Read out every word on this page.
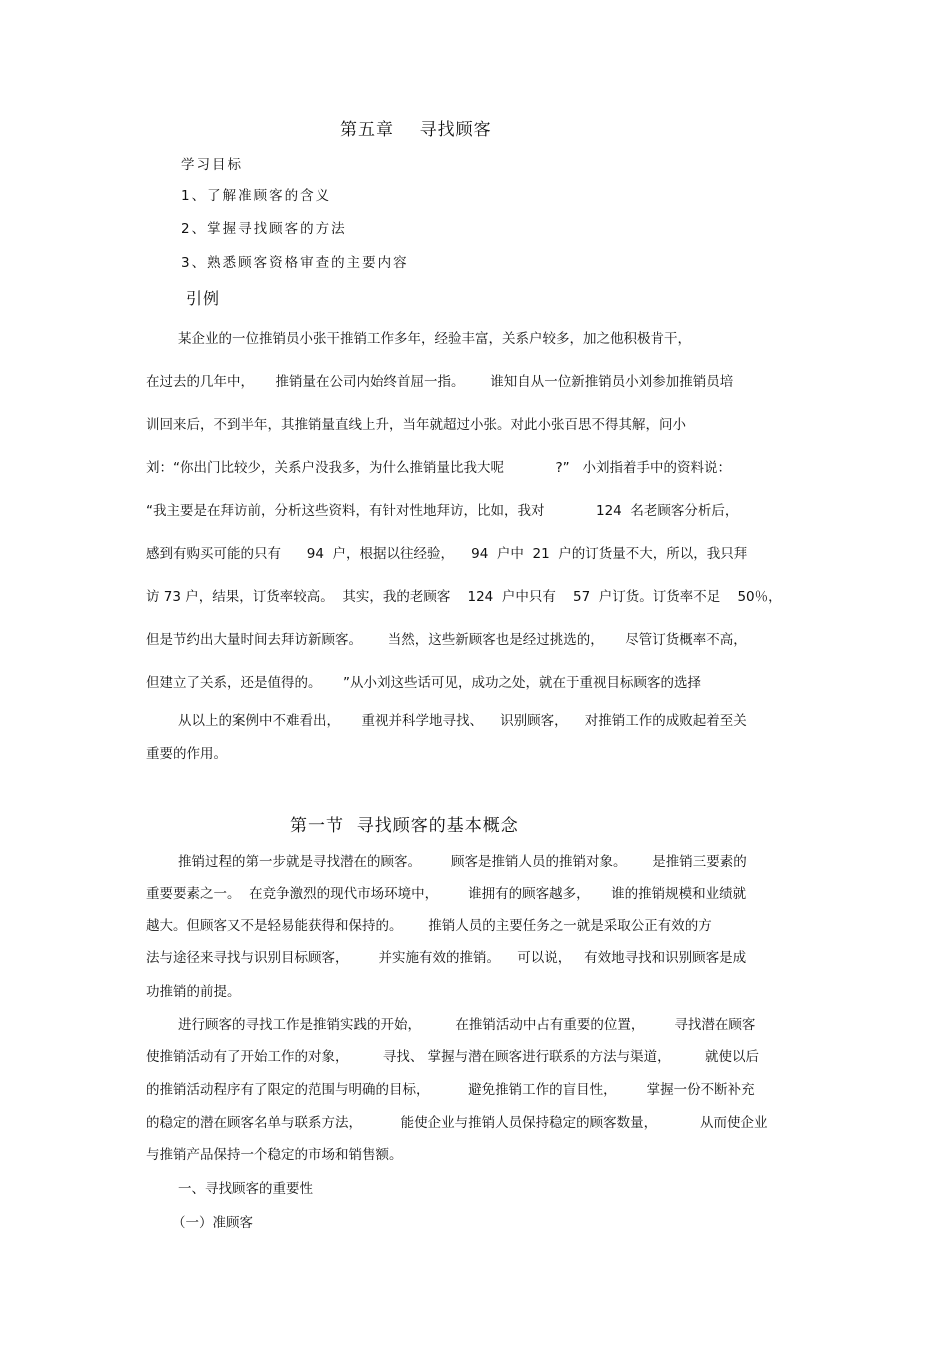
第五章    寻找顾客
学习目标
1、了解准顾客的含义
2、掌握寻找顾客的方法
3、熟悉顾客资格审查的主要内容
引例
某企业的一位推销员小张干推销工作多年，经验丰富，关系户较多，加之他积极肯干，
在过去的几年中，     推销量在公司内始终首屈一指。      谁知自从一位新推销员小刘参加推销员培
训回来后，不到半年，其推销量直线上升，当年就超过小张。对此小张百思不得其解，问小
刘：“你出门比较少，关系户没我多，为什么推销量比我大呢            ?”   小刘指着手中的资料说：
“我主要是在拜访前，分析这些资料，有针对性地拜访，比如，我对            124  名老顾客分析后，
感到有购买可能的只有      94  户，根据以往经验，    94  户中  21  户的订货量不大，所以，我只拜
访 73 户，结果，订货率较高。  其实，我的老顾客    124  户中只有    57  户订货。订货率不足    50％，
但是节约出大量时间去拜访新顾客。      当然，这些新顾客也是经过挑选的，     尽管订货概率不高，
但建立了关系，还是值得的。     ”从小刘这些话可见，成功之处，就在于重视目标顾客的选择
从以上的案例中不难看出，     重视并科学地寻找、    识别顾客，    对推销工作的成败起着至关
重要的作用。
第一节  寻找顾客的基本概念
推销过程的第一步就是寻找潜在的顾客。       顾客是推销人员的推销对象。      是推销三要素的
重要要素之一。  在竞争激烈的现代市场环境中，       谁拥有的顾客越多，     谁的推销规模和业绩就
越大。但顾客又不是轻易能获得和保持的。      推销人员的主要任务之一就是采取公正有效的方
法与途径来寻找与识别目标顾客，       并实施有效的推销。    可以说，   有效地寻找和识别顾客是成
功推销的前提。
进行顾客的寻找工作是推销实践的开始，        在推销活动中占有重要的位置，       寻找潜在顾客
使推销活动有了开始工作的对象，        寻找、 掌握与潜在顾客进行联系的方法与渠道，        就使以后
的推销活动程序有了限定的范围与明确的目标，         避免推销工作的盲目性，       掌握一份不断补充
的稳定的潜在顾客名单与联系方法，         能使企业与推销人员保持稳定的顾客数量，          从而使企业
与推销产品保持一个稳定的市场和销售额。
一、寻找顾客的重要性
（一）准顾客
